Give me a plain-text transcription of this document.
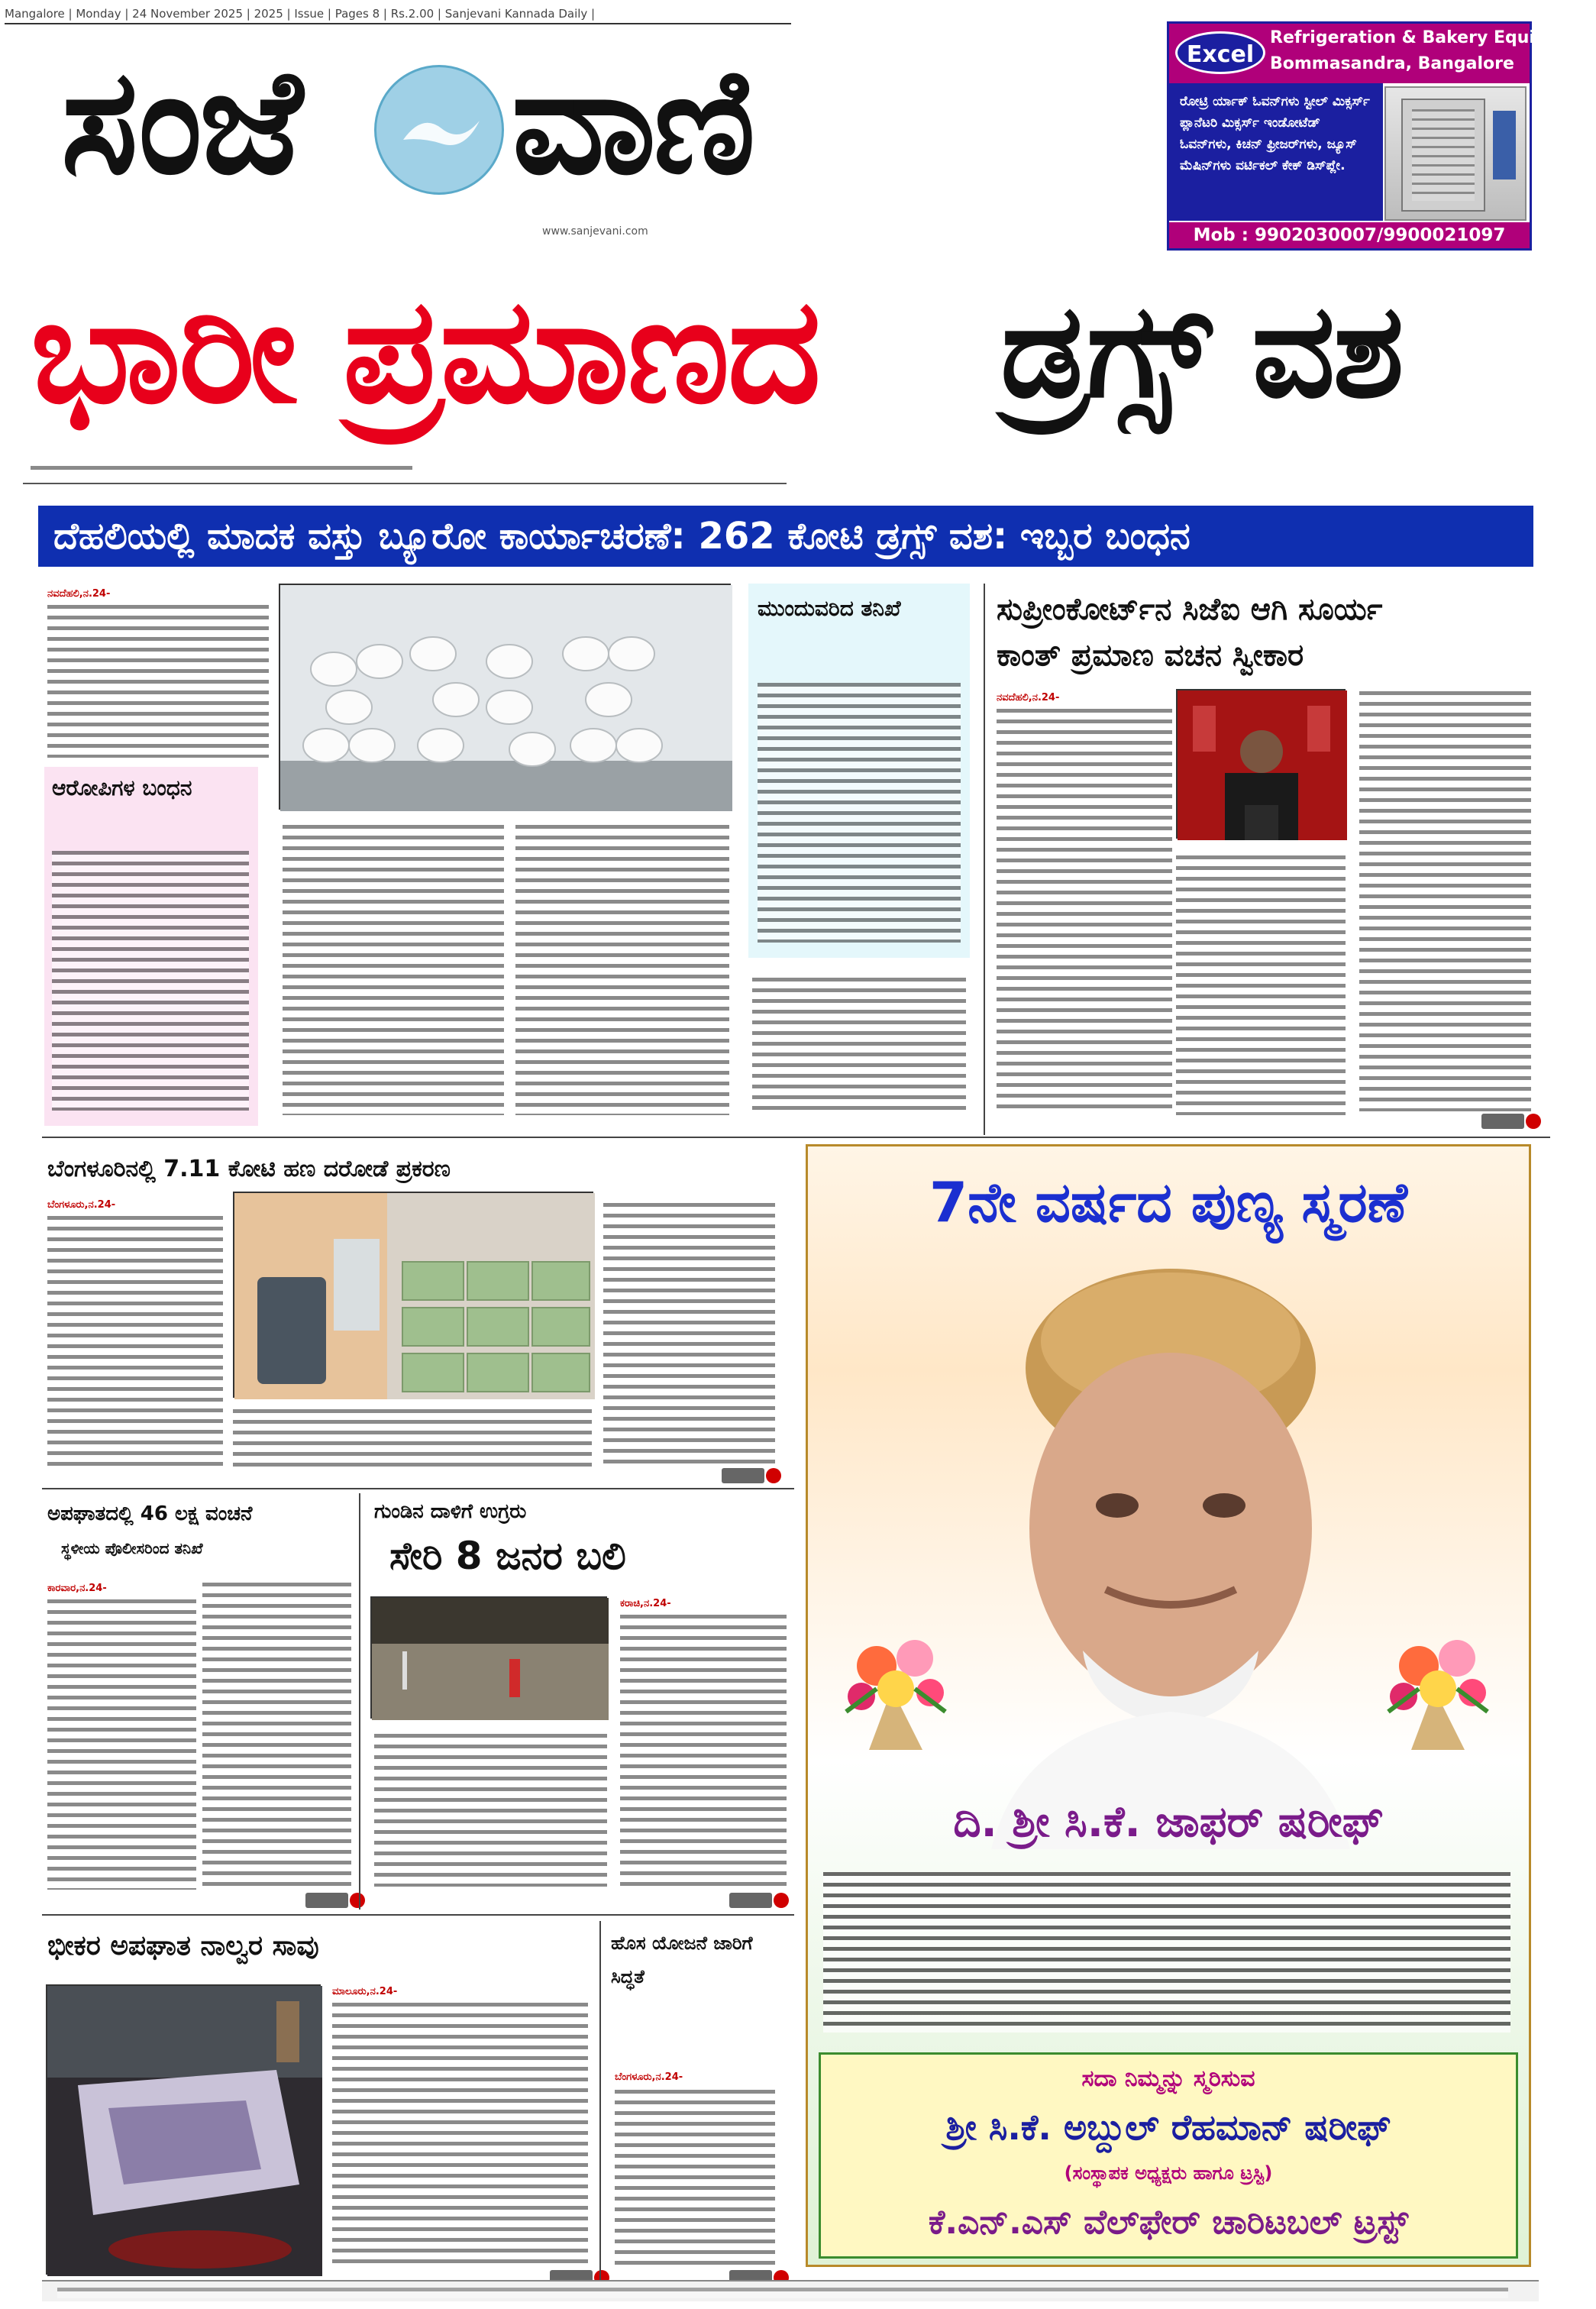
Mangalore | Monday | 24 November 2025 | 2025 | Issue | Pages 8 | Rs.2.00 | Sanjevani Kannada Daily |
ಸಂಜೆ ವಾಣಿ
www.sanjevani.com
Excel
Refrigeration & Bakery Equipment
Bommasandra, Bangalore
ರೋಟ್ರಿ ರ್ಯಾಕ್ ಓವನ್‌ಗಳು ಸ್ಟೀಲ್ ಮಿಕ್ಸರ್ಸ್ ಪ್ಲಾನೆಟರಿ ಮಿಕ್ಸರ್ಸ್ ಇಂಡೋಟೆಡ್ ಓವನ್‌ಗಳು, ಕಿಚನ್ ಫ್ರೀಜರ್‌ಗಳು, ಜ್ಯೂಸ್ ಮೆಷಿನ್‌ಗಳು ವರ್ಟಿಕಲ್ ಕೇಕ್ ಡಿಸ್‌ಪ್ಲೇ.
Mob : 9902030007/9900021097
ಭಾರೀ ಪ್ರಮಾಣದ	ಡ್ರಗ್ಸ್ ವಶ
ದೆಹಲಿಯಲ್ಲಿ ಮಾದಕ ವಸ್ತು ಬ್ಯೂರೋ ಕಾರ್ಯಾಚರಣೆ: 262 ಕೋಟಿ ಡ್ರಗ್ಸ್ ವಶ: ಇಬ್ಬರ ಬಂಧನ
ನವದೆಹಲಿ,ನ.24-
ಆರೋಪಿಗಳ ಬಂಧನ
ಮುಂದುವರಿದ ತನಿಖೆ	ಸುಪ್ರೀಂಕೋರ್ಟ್‌ನ ಸಿಜೆಐ ಆಗಿ ಸೂರ್ಯ
ಕಾಂತ್ ಪ್ರಮಾಣ ವಚನ ಸ್ವೀಕಾರ
ನವದೆಹಲಿ,ನ.24-
ಬೆಂಗಳೂರಿನಲ್ಲಿ 7.11 ಕೋಟಿ ಹಣ ದರೋಡೆ ಪ್ರಕರಣ
ಬೆಂಗಳೂರು,ನ.24-
ಅಪಘಾತದಲ್ಲಿ 46 ಲಕ್ಷ ವಂಚನೆ
ಸ್ಥಳೀಯ ಪೊಲೀಸರಿಂದ ತನಿಖೆ
ಕಾರವಾರ,ನ.24-
ಗುಂಡಿನ ದಾಳಿಗೆ ಉಗ್ರರು
ಸೇರಿ 8 ಜನರ ಬಲಿ
ಕರಾಚಿ,ನ.24-
ಭೀಕರ ಅಪಘಾತ ನಾಲ್ವರ ಸಾವು
ಮಾಲೂರು,ನ.24-
ಹೊಸ ಯೋಜನೆ ಜಾರಿಗೆ ಸಿದ್ಧತೆ
ಬೆಂಗಳೂರು,ನ.24-
7ನೇ ವರ್ಷದ ಪುಣ್ಯ ಸ್ಮರಣೆ
ದಿ. ಶ್ರೀ ಸಿ.ಕೆ. ಜಾಫರ್ ಷರೀಫ್
ಸದಾ ನಿಮ್ಮನ್ನು ಸ್ಮರಿಸುವ
ಶ್ರೀ ಸಿ.ಕೆ. ಅಬ್ದುಲ್ ರೆಹಮಾನ್ ಷರೀಫ್
(ಸಂಸ್ಥಾಪಕ ಅಧ್ಯಕ್ಷರು ಹಾಗೂ ಟ್ರಸ್ಟಿ)
ಕೆ.ಎನ್.ಎಸ್ ವೆಲ್‌ಫೇರ್ ಚಾರಿಟಬಲ್ ಟ್ರಸ್ಟ್
